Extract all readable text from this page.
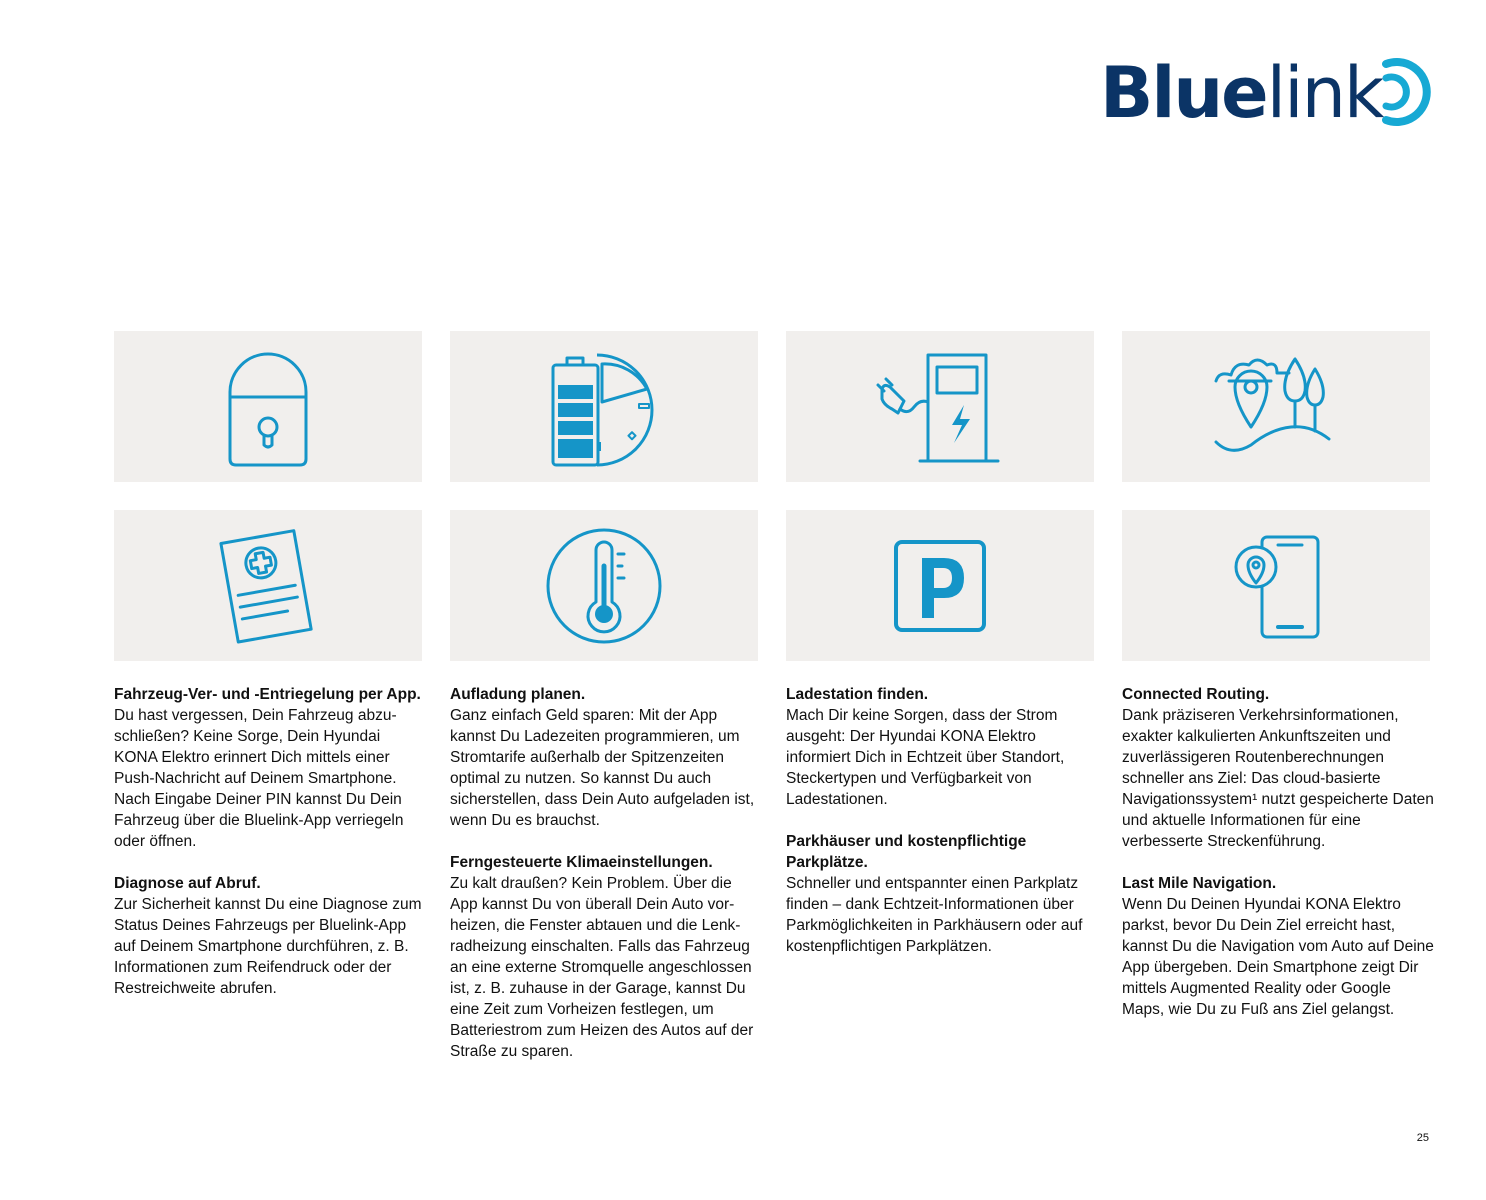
Bluelink
Fahrzeug-Ver- und -Entriegelung per App.

Du hast vergessen, Dein Fahrzeug abzuschließen? Keine Sorge, Dein Hyundai KONA Elektro erinnert Dich mittels einer Push-Nachricht auf Deinem Smartphone. Nach Eingabe Deiner PIN kannst Du Dein Fahrzeug über die Bluelink-App verriegeln oder öffnen.

Diagnose auf Abruf.

Zur Sicherheit kannst Du eine Diagnose zum Status Deines Fahrzeugs per Bluelink-App auf Deinem Smartphone durchführen, z. B. Informationen zum Reifendruck oder der Restreichweite abrufen.

Aufladung planen.

Ganz einfach Geld sparen: Mit der App kannst Du Ladezeiten programmieren, um Stromtarife außerhalb der Spitzenzeiten optimal zu nutzen. So kannst Du auch sicherstellen, dass Dein Auto aufgeladen ist, wenn Du es brauchst.

Ferngesteuerte Klimaeinstellungen.

Zu kalt draußen? Kein Problem. Über die App kannst Du von überall Dein Auto vorheizen, die Fenster abtauen und die Lenkradheizung einschalten. Falls das Fahrzeug an eine externe Stromquelle angeschlossen ist, z. B. zuhause in der Garage, kannst Du eine Zeit zum Vorheizen festlegen, um Batteriestrom zum Heizen des Autos auf der Straße zu sparen.

Ladestation finden.

Mach Dir keine Sorgen, dass der Strom ausgeht: Der Hyundai KONA Elektro informiert Dich in Echtzeit über Standort, Steckertypen und Verfügbarkeit von Ladestationen.

Parkhäuser und kostenpflichtige Parkplätze.

Schneller und entspannter einen Parkplatz finden – dank Echtzeit-Informationen über Parkmöglichkeiten in Parkhäusern oder auf kostenpflichtigen Parkplätzen.

Connected Routing.

Dank präziseren Verkehrsinformationen, exakter kalkulierten Ankunftszeiten und zuverlässigeren Routenberechnungen schneller ans Ziel: Das cloud-basierte Navigationssystem¹ nutzt gespeicherte Daten und aktuelle Informationen für eine verbesserte Streckenführung.

Last Mile Navigation.

Wenn Du Deinen Hyundai KONA Elektro parkst, bevor Du Dein Ziel erreicht hast, kannst Du die Navigation vom Auto auf Deine App übergeben. Dein Smartphone zeigt Dir mittels Augmented Reality oder Google Maps, wie Du zu Fuß ans Ziel gelangst.

25
